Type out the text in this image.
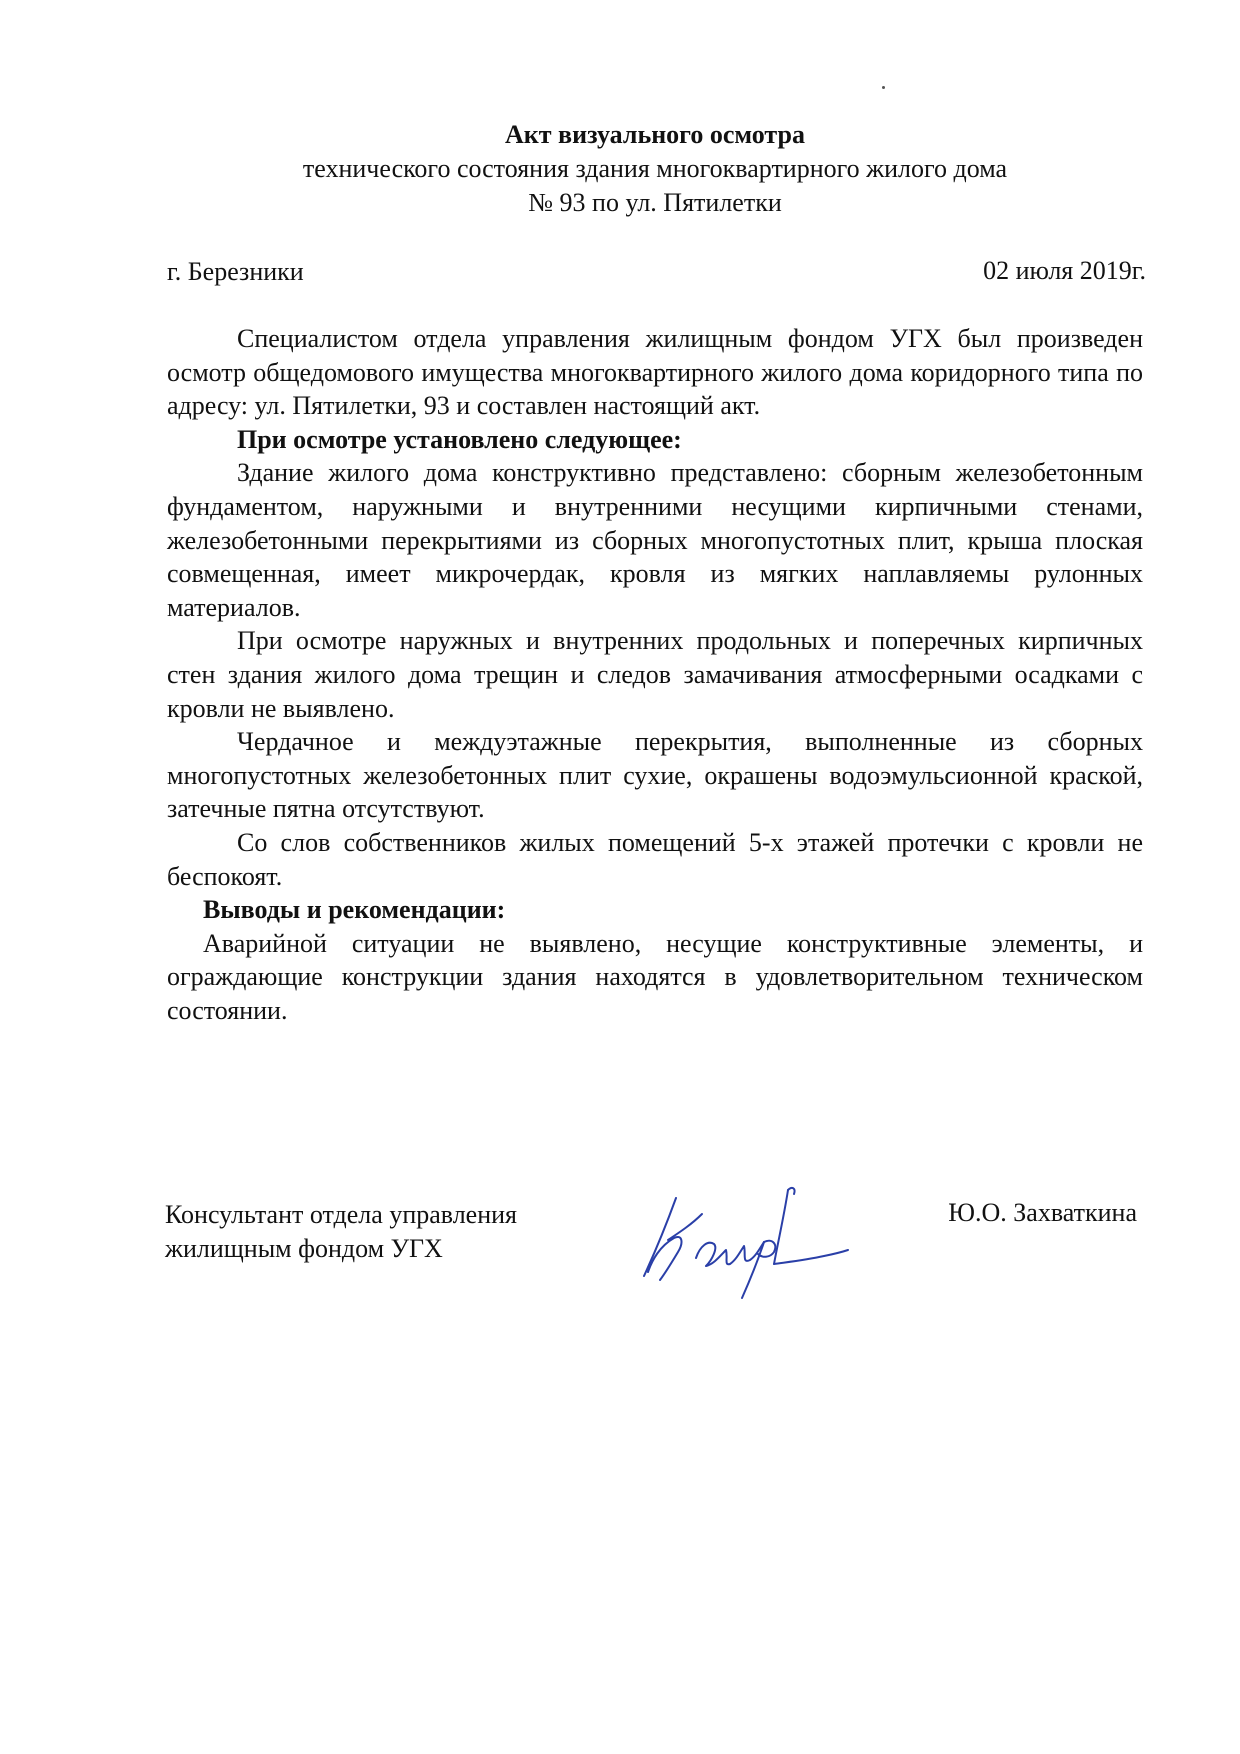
Акт визуального осмотра
технического состояния здания многоквартирного жилого дома
№ 93 по ул. Пятилетки
г. Березники	02 июля 2019г.

Специалистом отдела управления жилищным фондом УГХ был произведен осмотр общедомового имущества многоквартирного жилого дома коридорного типа по адресу: ул. Пятилетки, 93 и составлен настоящий акт.

При осмотре установлено следующее:

Здание жилого дома конструктивно представлено: сборным железобетонным фундаментом, наружными и внутренними несущими кирпичными стенами, железобетонными перекрытиями из сборных многопустотных плит, крыша плоская совмещенная, имеет микрочердак, кровля из мягких наплавляемы рулонных материалов.

При осмотре наружных и внутренних продольных и поперечных кирпичных стен здания жилого дома трещин и следов замачивания атмосферными осадками с кровли не выявлено.

Чердачное и междуэтажные перекрытия, выполненные из сборных многопустотных железобетонных плит сухие, окрашены водоэмульсионной краской, затечные пятна отсутствуют.

Со слов собственников жилых помещений 5-х этажей протечки с кровли не беспокоят.

Выводы и рекомендации:

Аварийной ситуации не выявлено, несущие конструктивные элементы, и ограждающие конструкции здания находятся в удовлетворительном техническом состоянии.

Консультант отдела управления
жилищным фондом УГХ
Ю.О. Захваткина
